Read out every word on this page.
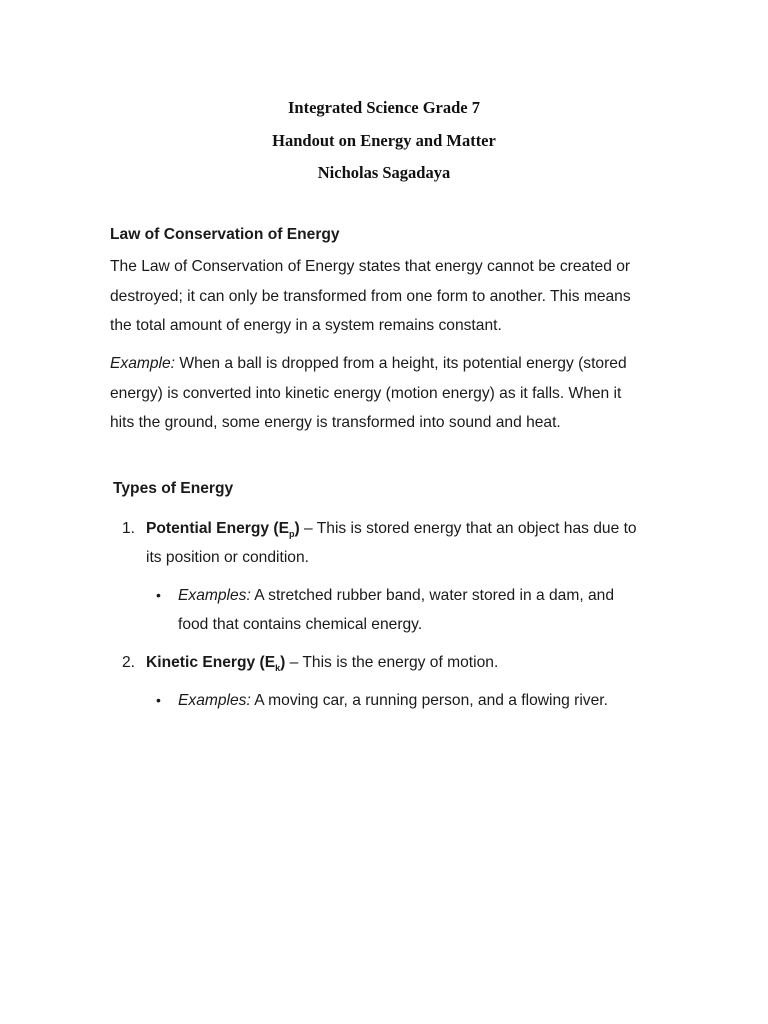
Integrated Science Grade 7
Handout on Energy and Matter
Nicholas Sagadaya
Law of Conservation of Energy
The Law of Conservation of Energy states that energy cannot be created or
destroyed; it can only be transformed from one form to another. This means
the total amount of energy in a system remains constant.
Example: When a ball is dropped from a height, its potential energy (stored
energy) is converted into kinetic energy (motion energy) as it falls. When it
hits the ground, some energy is transformed into sound and heat.
Types of Energy
1. Potential Energy $(E_p)$ – This is stored energy that an object has due to
its position or condition.
• Examples: A stretched rubber band, water stored in a dam, and
food that contains chemical energy.
2. Kinetic Energy $(E_k)$ – This is the energy of motion.
• Examples: A moving car, a running person, and a flowing river.
